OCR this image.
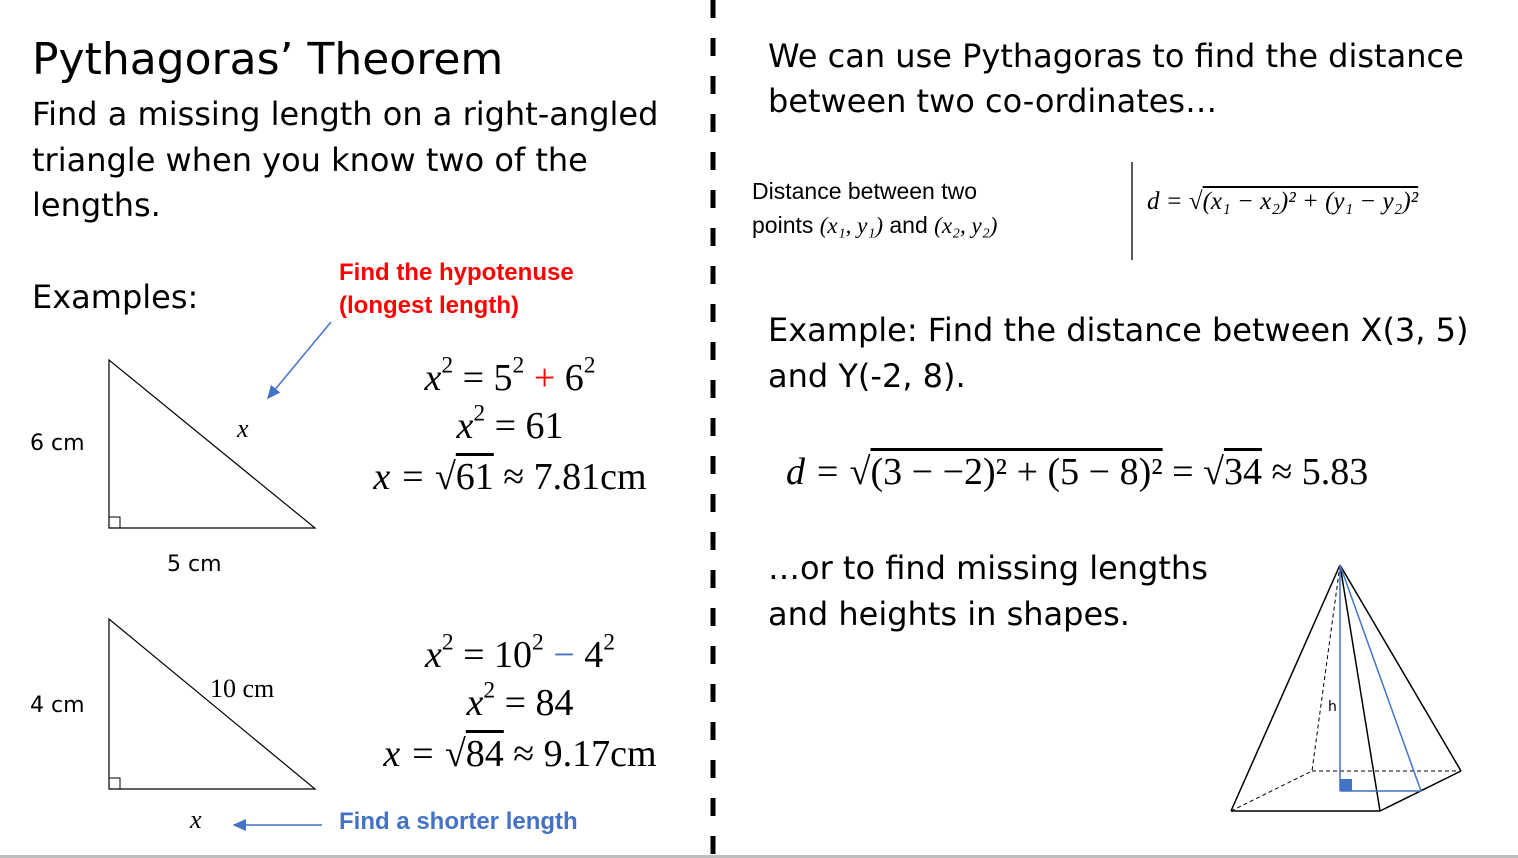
Pythagoras’ Theorem
Find a missing length on a right-angled
triangle when you know two of the
lengths.
Examples:
Find the hypotenuse
(longest length)
6 cm
5 cm
x
$x^2 = 5^2 + 6^2$
$x^2 = 61$
x = √61 ≈ 7.81cm
4 cm
10 cm
x	Find a shorter length
$x^2 = 10^2 - 4^2$
$x^2 = 84$
x = √84 ≈ 9.17cm
We can use Pythagoras to find the distance
between two co-ordinates…
Distance between two
points (x₁, y₁) and (x₂, y₂)
d = √(x₁ − x₂)² + (y₁ − y₂)²
Example: Find the distance between X(3, 5)
and Y(-2, 8).
d = √(3 − −2)² + (5 − 8)² = √34 ≈ 5.83
…or to find missing lengths
and heights in shapes.
h
